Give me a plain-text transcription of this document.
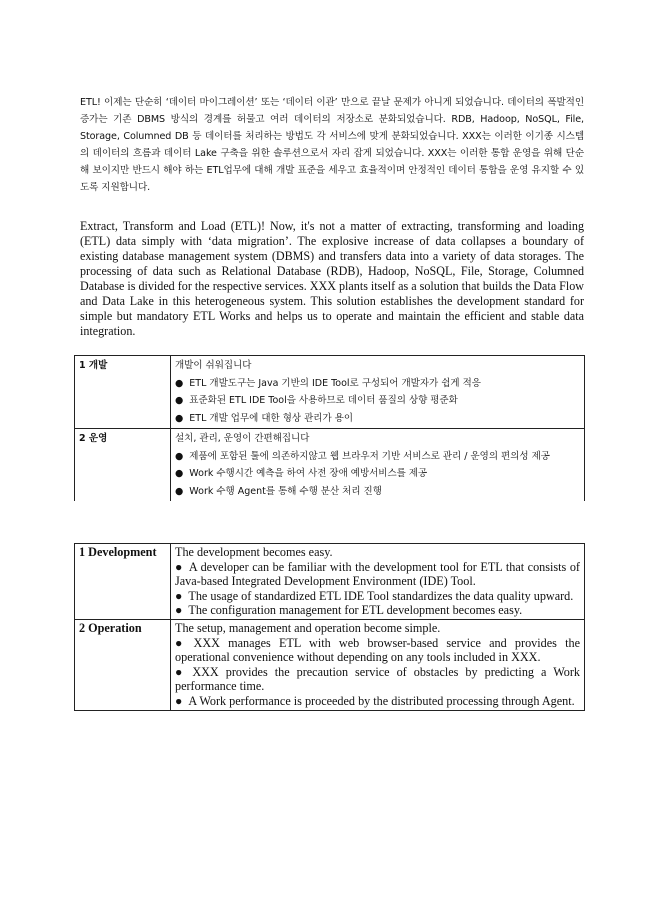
ETL! 이제는 단순히 ‘데이터 마이그레이션’ 또는 ‘데이터 이관’ 만으로 끝날 문제가 아니게 되었습니다. 데이터의 폭발적인 증가는 기존 DBMS 방식의 경계를 허물고 여러 데이터의 저장소로 분화되었습니다. RDB, Hadoop, NoSQL, File, Storage, Columned DB 등 데이터를 처리하는 방법도 각 서비스에 맞게 분화되었습니다. XXX는 이러한 이기종 시스템의 데이터의 흐름과 데이터 Lake 구축을 위한 솔루션으로서 자리 잡게 되었습니다. XXX는 이러한 통합 운영을 위해 단순해 보이지만 반드시 해야 하는 ETL업무에 대해 개발 표준을 세우고 효율적이며 안정적인 데이터 통합을 운영 유지할 수 있도록 지원합니다.
Extract, Transform and Load (ETL)! Now, it's not a matter of extracting, transforming and loading (ETL) data simply with ‘data migration’. The explosive increase of data collapses a boundary of existing database management system (DBMS) and transfers data into a variety of data storages. The processing of data such as Relational Database (RDB), Hadoop, NoSQL, File, Storage, Columned Database is divided for the respective services. XXX plants itself as a solution that builds the Data Flow and Data Lake in this heterogeneous system. This solution establishes the development standard for simple but mandatory ETL Works and helps us to operate and maintain the efficient and stable data integration.
1 개발	개발이 쉬워집니다
● ETL 개발도구는 Java 기반의 IDE Tool로 구성되어 개발자가 쉽게 적응
● 표준화된 ETL IDE Tool을 사용하므로 데이터 품질의 상향 평준화
● ETL 개발 업무에 대한 형상 관리가 용이

2 운영	설치, 관리, 운영이 간편해집니다
● 제품에 포함된 툴에 의존하지않고 웹 브라우저 기반 서비스로 관리 / 운영의 편의성 제공
● Work 수행시간 예측을 하여 사전 장애 예방서비스를 제공
● Work 수행 Agent를 통해 수행 분산 처리 진행
1 Development	The development becomes easy.
● A developer can be familiar with the development tool for ETL that consists of Java-based Integrated Development Environment (IDE) Tool.
● The usage of standardized ETL IDE Tool standardizes the data quality upward.
● The configuration management for ETL development becomes easy.

2 Operation	The setup, management and operation become simple.
● XXX manages ETL with web browser-based service and provides the operational convenience without depending on any tools included in XXX.
● XXX provides the precaution service of obstacles by predicting a Work performance time.
● A Work performance is proceeded by the distributed processing through Agent.
